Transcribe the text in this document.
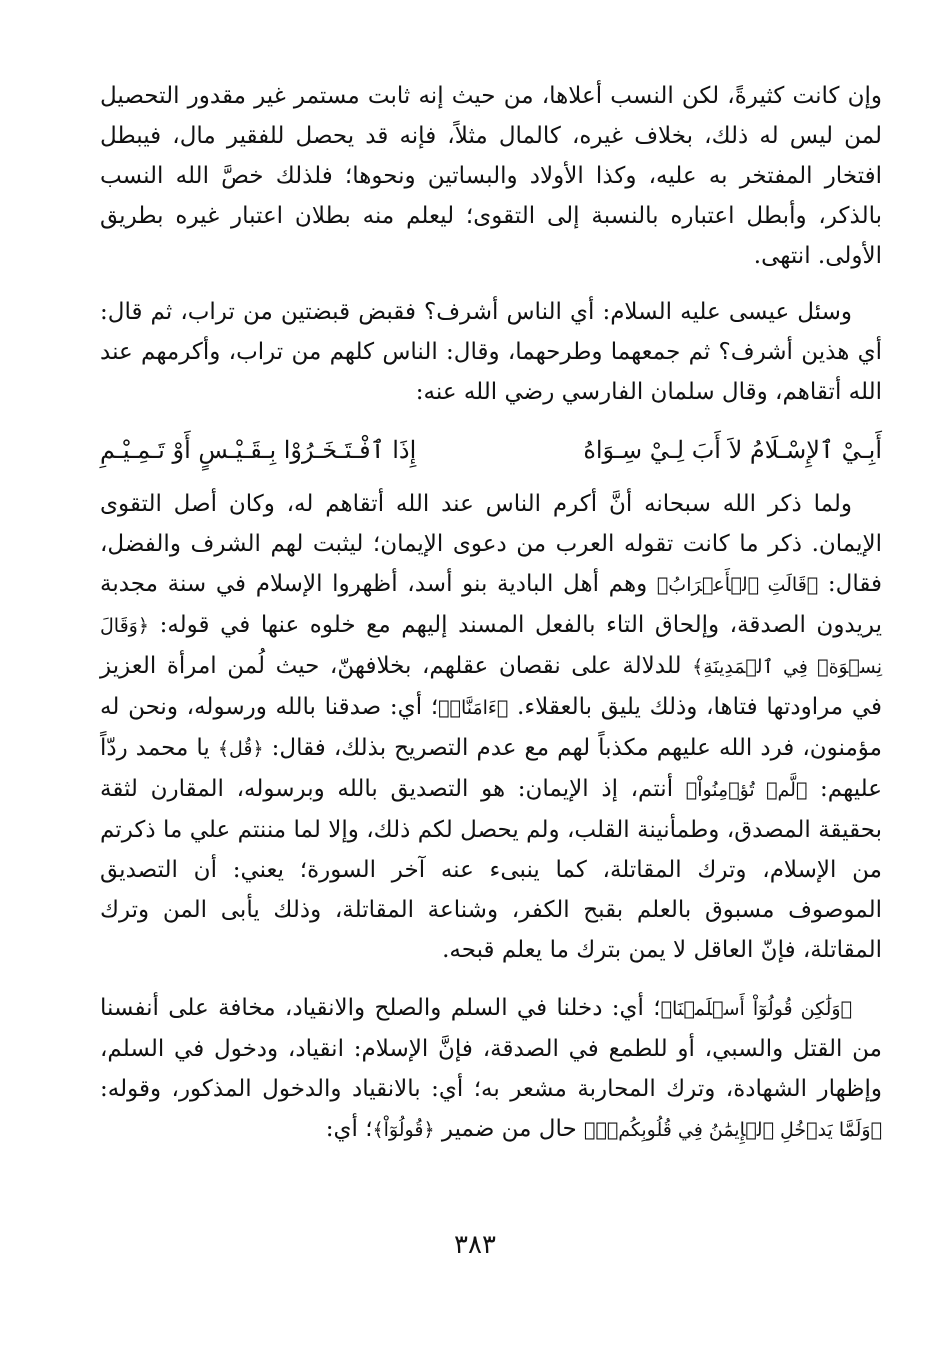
وإن كانت كثيرةً، لكن النسب أعلاها، من حيث إنه ثابت مستمر غير مقدور التحصيل لمن ليس له ذلك، بخلاف غيره، كالمال مثلاً، فإنه قد يحصل للفقير مال، فيبطل افتخار المفتخر به عليه، وكذا الأولاد والبساتين ونحوها؛ فلذلك خصَّ الله النسب بالذكر، وأبطل اعتباره بالنسبة إلى التقوى؛ ليعلم منه بطلان اعتبار غيره بطريق الأولى. انتهى.

وسئل عيسى عليه السلام: أي الناس أشرف؟ فقبض قبضتين من تراب، ثم قال: أي هذين أشرف؟ ثم جمعهما وطرحهما، وقال: الناس كلهم من تراب، وأكرمهم عند الله أتقاهم، وقال سلمان الفارسي رضي الله عنه:

أَبِـيْ ٱلإِسْـلَامُ لاَ أَبَ لِـيْ سِـوَاهُ
إِذَا ٱفْـتَـخَـرُوْا بِـقَـيْـسٍ أَوْ تَـمِـيْـمِ

ولما ذكر الله سبحانه أنَّ أكرم الناس عند الله أتقاهم له، وكان أصل التقوى الإيمان. ذكر ما كانت تقوله العرب من دعوى الإيمان؛ ليثبت لهم الشرف والفضل، فقال: ﴿قَالَتِ ٱلۡأَعۡرَابُ﴾ وهم أهل البادية بنو أسد، أظهروا الإسلام في سنة مجدبة يريدون الصدقة، وإلحاق التاء بالفعل المسند إليهم مع خلوه عنها في قوله: ﴿وَقَالَ نِسۡوَةٞ فِي ٱلۡمَدِينَةِ﴾ للدلالة على نقصان عقلهم، بخلافهنّ، حيث لُمن امرأة العزيز في مراودتها فتاها، وذلك يليق بالعقلاء. ﴿ءَامَنَّاۖ﴾؛ أي: صدقنا بالله ورسوله، ونحن له مؤمنون، فرد الله عليهم مكذباً لهم مع عدم التصريح بذلك، فقال: ﴿قُل﴾ يا محمد ردّاً عليهم: ﴿لَّمۡ تُؤۡمِنُواْ﴾ أنتم، إذ الإيمان: هو التصديق بالله وبرسوله، المقارن لثقة بحقيقة المصدق، وطمأنينة القلب، ولم يحصل لكم ذلك، وإلا لما مننتم علي ما ذكرتم من الإسلام، وترك المقاتلة، كما ينبىء عنه آخر السورة؛ يعني: أن التصديق الموصوف مسبوق بالعلم بقبح الكفر، وشناعة المقاتلة، وذلك يأبى المن وترك المقاتلة، فإنّ العاقل لا يمن بترك ما يعلم قبحه.

﴿وَلَٰكِن قُولُوٓاْ أَسۡلَمۡنَا﴾؛ أي: دخلنا في السلم والصلح والانقياد، مخافة على أنفسنا من القتل والسبي، أو للطمع في الصدقة، فإنَّ الإسلام: انقياد، ودخول في السلم، وإظهار الشهادة، وترك المحاربة مشعر به؛ أي: بالانقياد والدخول المذكور، وقوله: ﴿وَلَمَّا يَدۡخُلِ ٱلۡإِيمَٰنُ فِي قُلُوبِكُمۡۖ﴾ حال من ضمير ﴿قُولُوٓاْ﴾؛ أي:

٣٨٣
